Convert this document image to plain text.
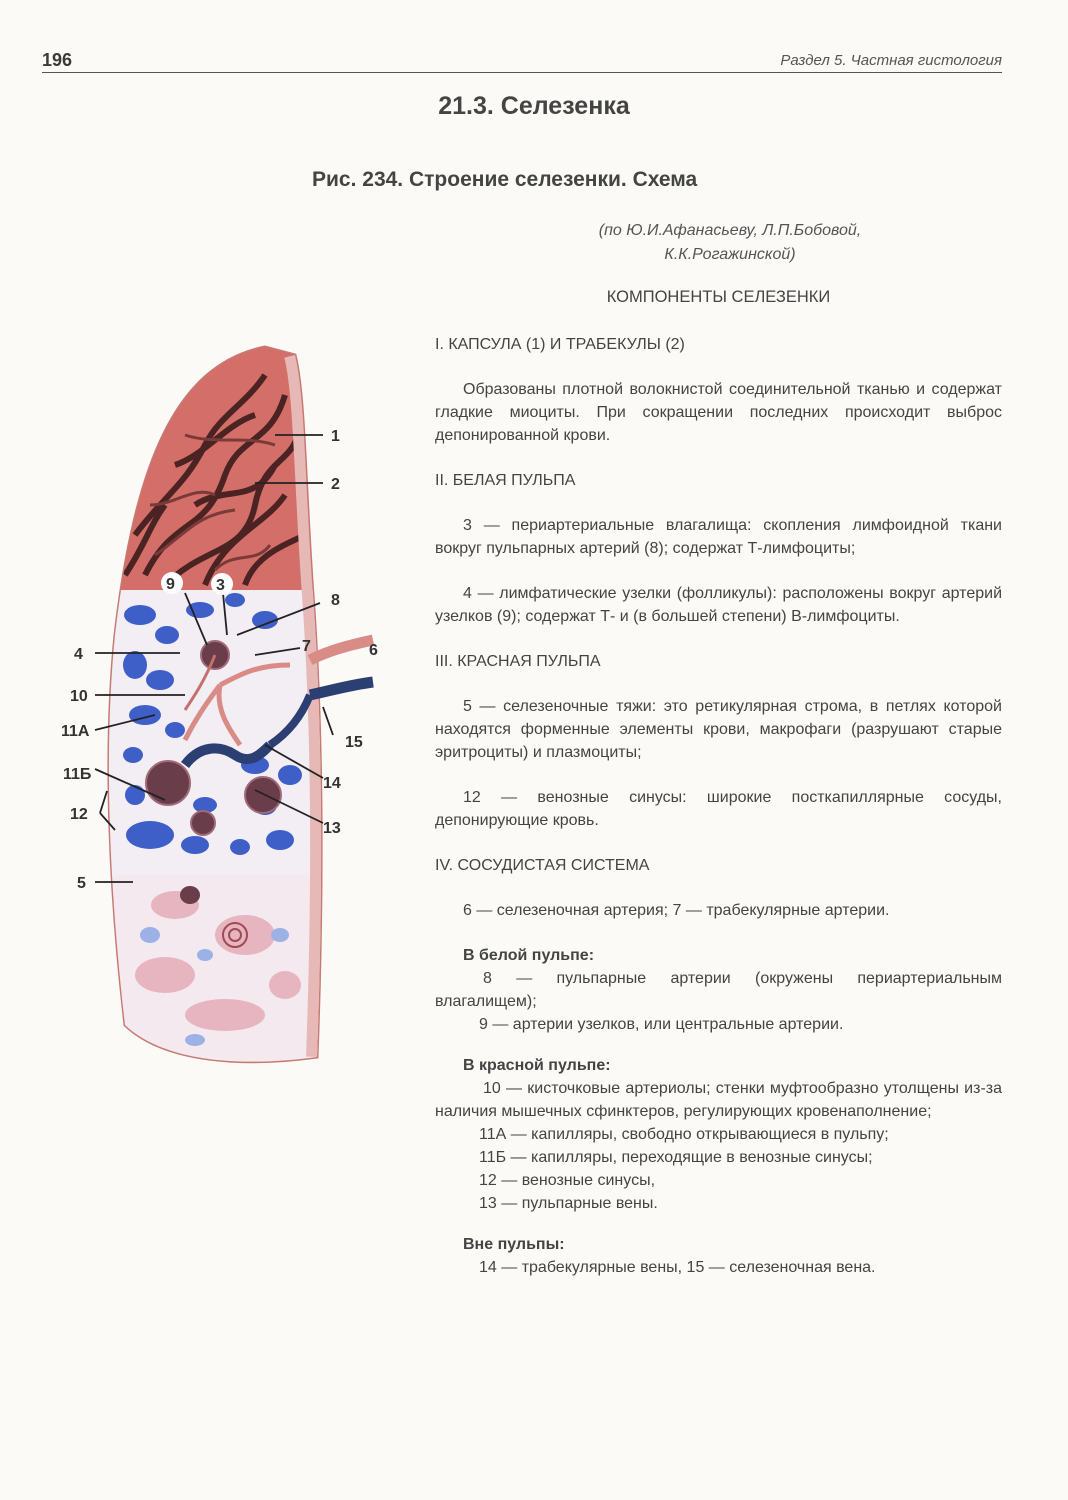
196	Раздел 5. Частная гистология
21.3. Селезенка
Рис. 234. Строение селезенки. Схема
(по Ю.И.Афанасьеву, Л.П.Бобовой,
К.К.Рогажинской)
1
2
9	3
8
7	6
4
10
15
11А
11Б
14
12
13
5
КОМПОНЕНТЫ СЕЛЕЗЕНКИ
I. КАПСУЛА (1) И ТРАБЕКУЛЫ (2)
Образованы плотной волокнистой соединительной тканью и содержат гладкие миоциты. При сокращении последних происходит выброс депонированной крови.
II. БЕЛАЯ ПУЛЬПА
3 — периартериальные влагалища: скопления лимфоидной ткани вокруг пульпарных артерий (8); содержат Т-лимфоциты;
4 — лимфатические узелки (фолликулы): расположены вокруг артерий узелков (9); содержат Т- и (в большей степени) В-лимфоциты.
III. КРАСНАЯ ПУЛЬПА
5 — селезеночные тяжи: это ретикулярная строма, в петлях которой находятся форменные элементы крови, макрофаги (разрушают старые эритроциты) и плазмоциты;
12 — венозные синусы: широкие посткапиллярные сосуды, депонирующие кровь.
IV. СОСУДИСТАЯ СИСТЕМА
6 — селезеночная артерия; 7 — трабекулярные артерии.
В белой пульпе:
8 — пульпарные артерии (окружены периартериальным влагалищем);
9 — артерии узелков, или центральные артерии.
В красной пульпе:
10 — кисточковые артериолы; стенки муфтообразно утолщены из-за наличия мышечных сфинктеров, регулирующих кровенаполнение;
11А — капилляры, свободно открывающиеся в пульпу;
11Б — капилляры, переходящие в венозные синусы;
12 — венозные синусы,
13 — пульпарные вены.
Вне пульпы:
14 — трабекулярные вены, 15 — селезеночная вена.
